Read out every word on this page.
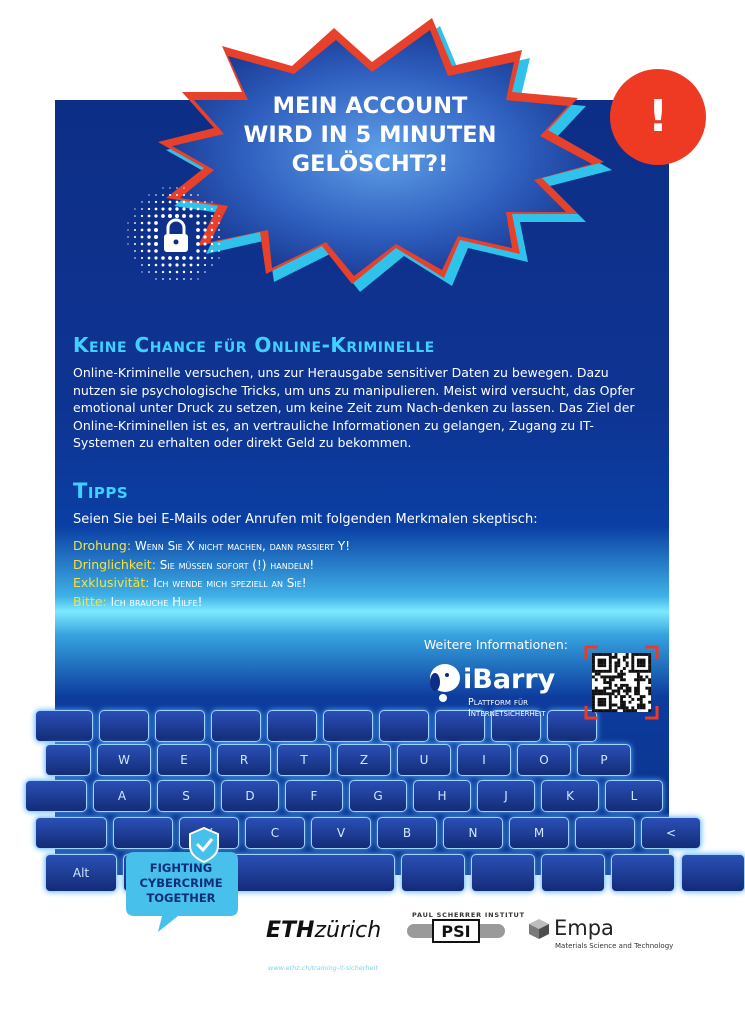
W	E	R	T	Z	U	I	O	P
A	S	D	F	G	H	J	K	L
C	V	B	N	M	<
Alt

MEIN ACCOUNT
WIRD IN 5 MINUTEN
GELÖSCHT?!

!

Keine Chance für Online-Kriminelle

Online-Kriminelle versuchen, uns zur Herausgabe sensitiver Daten zu bewegen. Dazu nutzen sie psychologische Tricks, um uns zu manipulieren. Meist wird versucht, das Opfer emotional unter Druck zu setzen, um keine Zeit zum Nach-denken zu lassen. Das Ziel der Online-Kriminellen ist es, an vertrauliche Informationen zu gelangen, Zugang zu IT-Systemen zu erhalten oder direkt Geld zu bekommen.

Tipps

Seien Sie bei E-Mails oder Anrufen mit folgenden Merkmalen skeptisch:

Drohung: Wenn Sie X nicht machen, dann passiert Y!
Dringlichkeit: Sie müssen sofort (!) handeln!
Exklusivität: Ich wende mich speziell an Sie!
Bitte: Ich brauche Hilfe!

Weitere Informationen:

iBarry

Plattform für
Internetsicherheit

FIGHTING
CYBERCRIME
TOGETHER

ETHzürich

PAUL SCHERRER INSTITUT

PSI	Empa

Materials Science and Technology

www.ethz.ch/training-it-sicherheit
